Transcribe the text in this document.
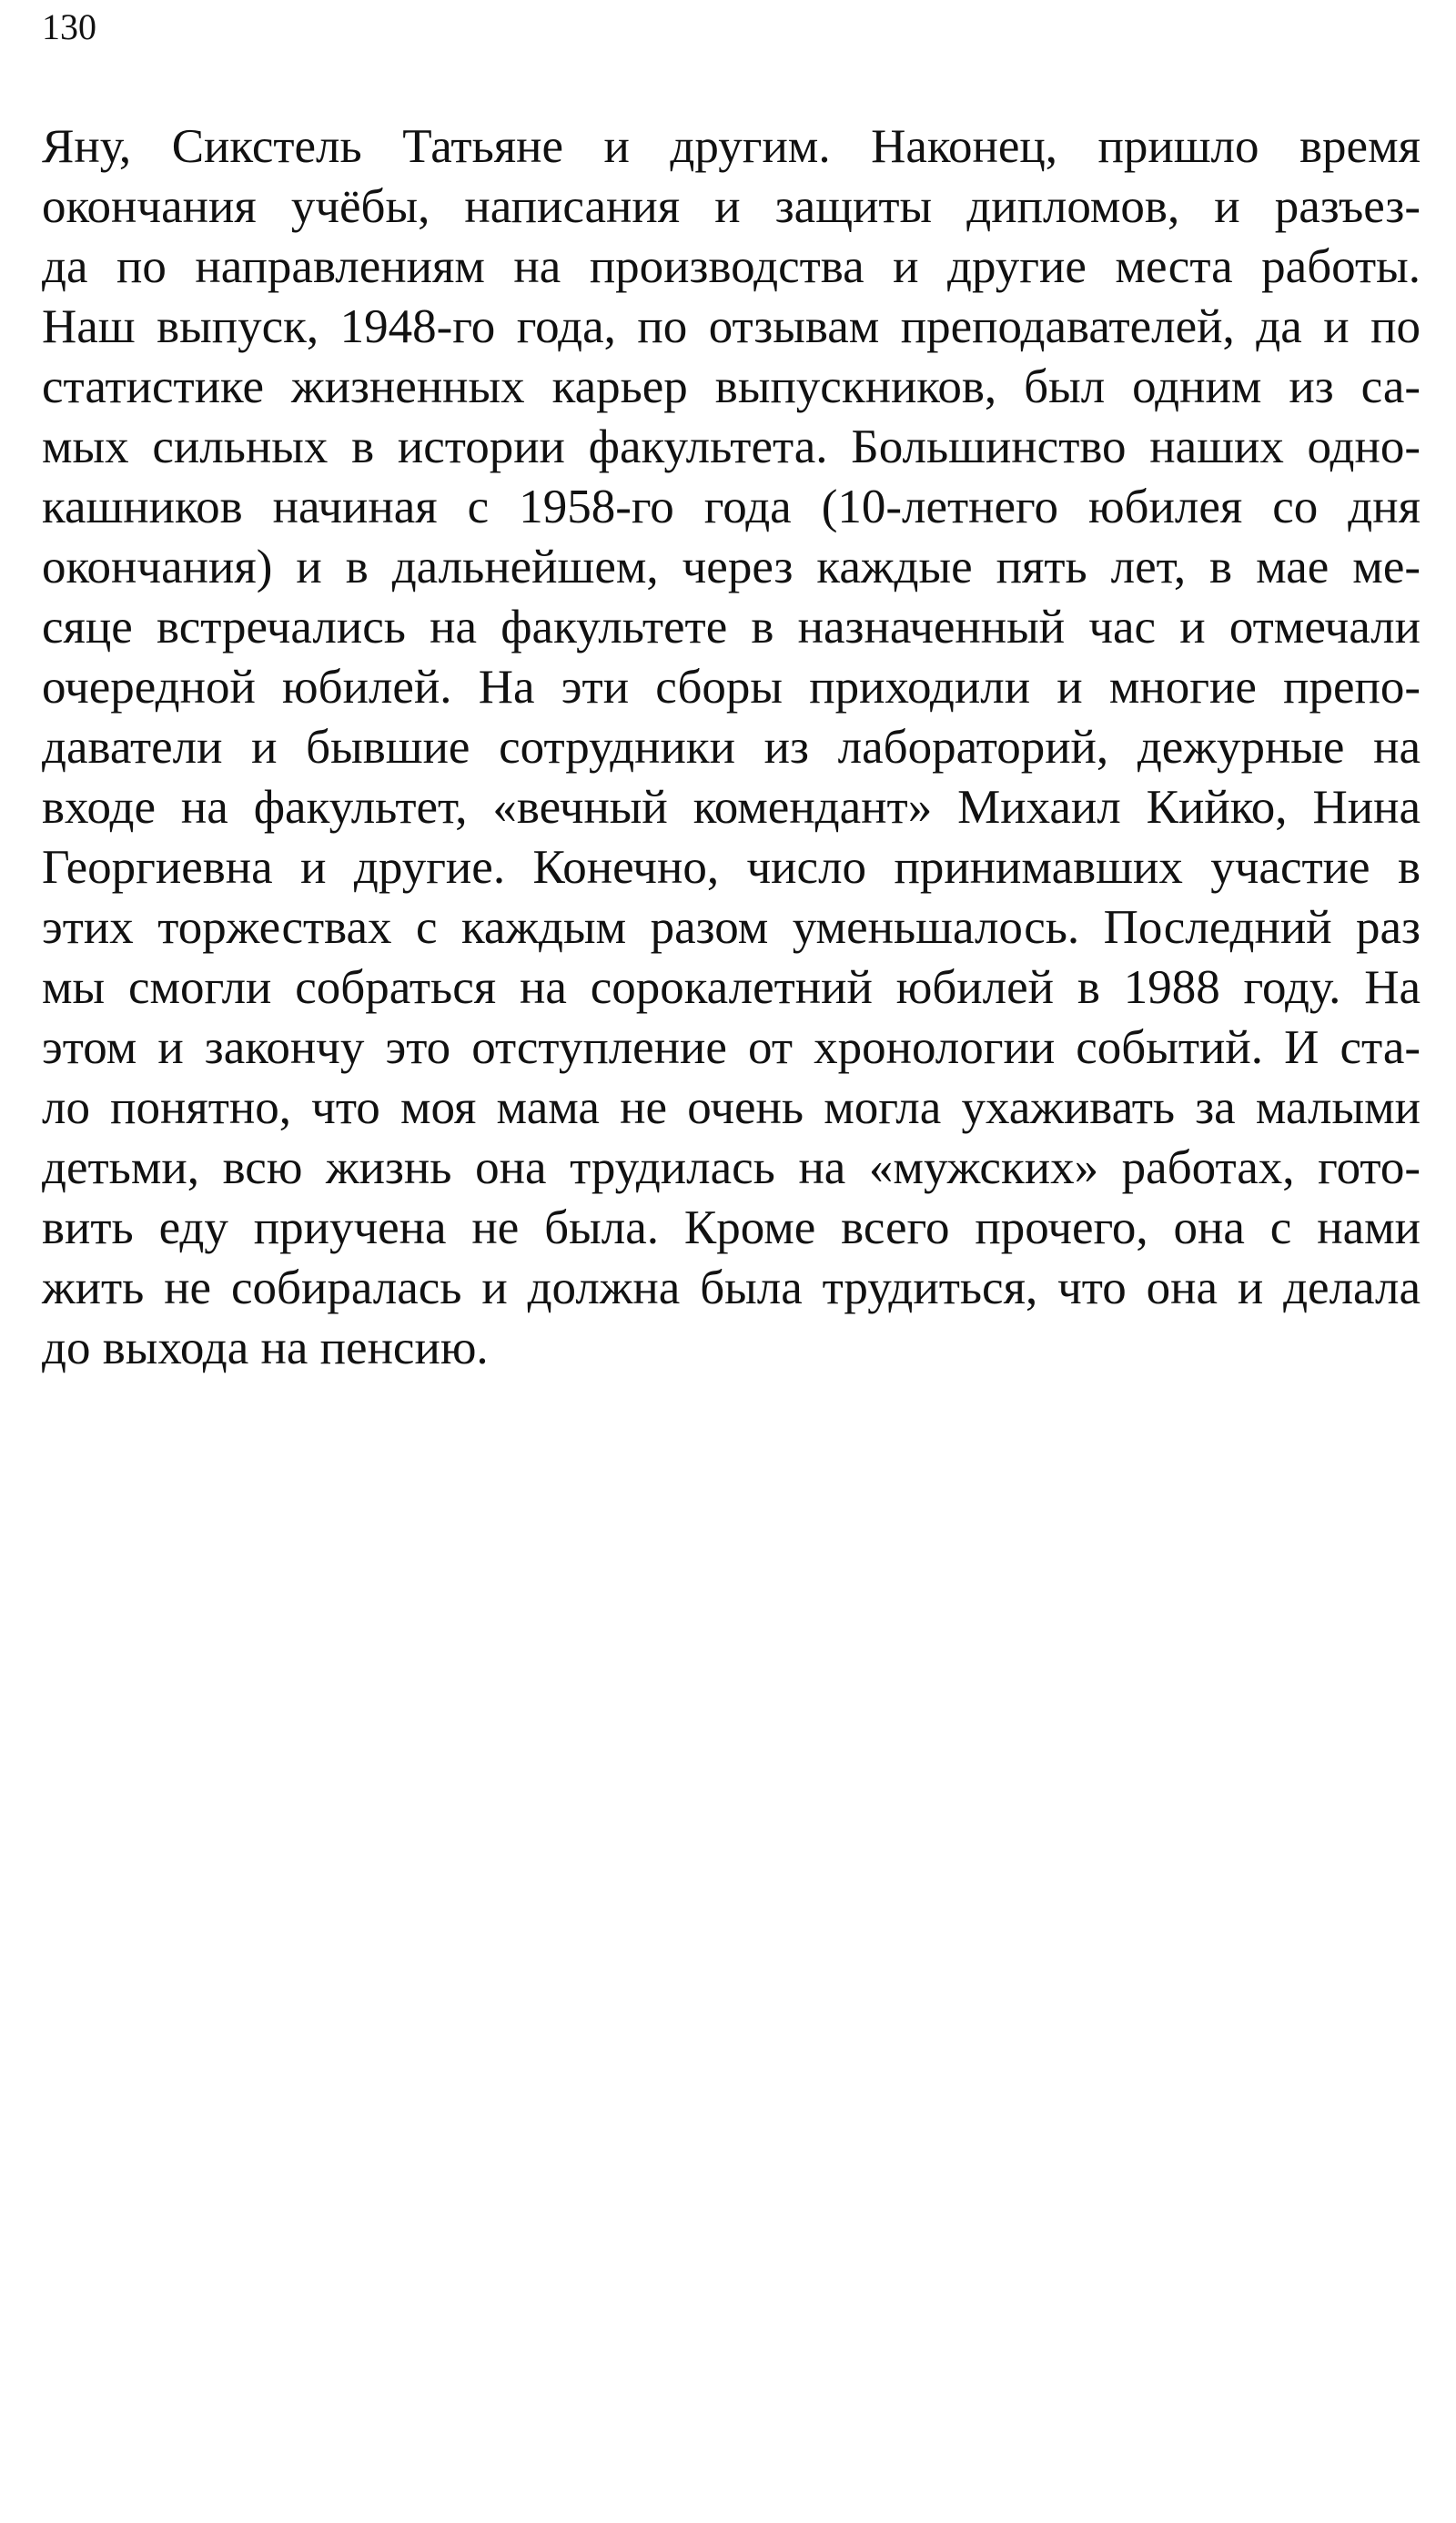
130

Яну, Сикстель Татьяне и другим. Наконец, пришло время
окончания учёбы, написания и защиты дипломов, и разъез-
да по направлениям на производства и другие места работы.
Наш выпуск, 1948-го года, по отзывам преподавателей, да и по
статистике жизненных карьер выпускников, был одним из са-
мых сильных в истории факультета. Большинство наших одно-
кашников начиная с 1958-го года (10-летнего юбилея со дня
окончания) и в дальнейшем, через каждые пять лет, в мае ме-
сяце встречались на факультете в назначенный час и отмечали
очередной юбилей. На эти сборы приходили и многие препо-
даватели и бывшие сотрудники из лабораторий, дежурные на
входе на факультет, «вечный комендант» Михаил Кийко, Нина
Георгиевна и другие. Конечно, число принимавших участие в
этих торжествах с каждым разом уменьшалось. Последний раз
мы смогли собраться на сорокалетний юбилей в 1988 году. На
этом и закончу это отступление от хронологии событий. И ста-
ло понятно, что моя мама не очень могла ухаживать за малыми
детьми, всю жизнь она трудилась на «мужских» работах, гото-
вить еду приучена не была. Кроме всего прочего, она с нами
жить не собиралась и должна была трудиться, что она и делала
до выхода на пенсию.
